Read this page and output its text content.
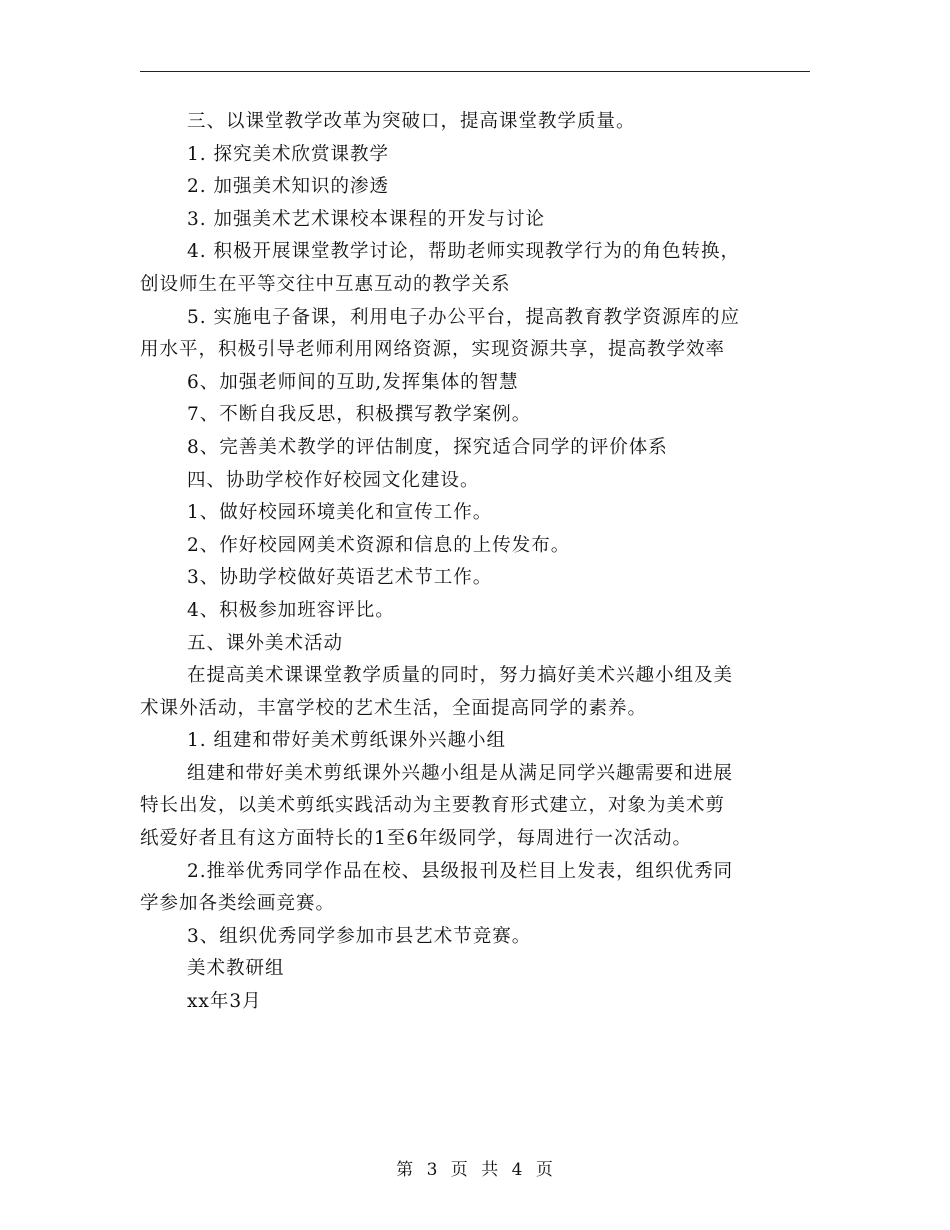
三、以课堂教学改革为突破口，提高课堂教学质量。
1. 探究美术欣赏课教学
2. 加强美术知识的渗透
3. 加强美术艺术课校本课程的开发与讨论
4. 积极开展课堂教学讨论，帮助老师实现教学行为的角色转换，
创设师生在平等交往中互惠互动的教学关系
5. 实施电子备课，利用电子办公平台，提高教育教学资源库的应
用水平，积极引导老师利用网络资源，实现资源共享，提高教学效率
6、加强老师间的互助,发挥集体的智慧
7、不断自我反思，积极撰写教学案例。
8、完善美术教学的评估制度，探究适合同学的评价体系
四、协助学校作好校园文化建设。
1、做好校园环境美化和宣传工作。
2、作好校园网美术资源和信息的上传发布。
3、协助学校做好英语艺术节工作。
4、积极参加班容评比。
五、课外美术活动
在提高美术课课堂教学质量的同时，努力搞好美术兴趣小组及美
术课外活动，丰富学校的艺术生活，全面提高同学的素养。
1. 组建和带好美术剪纸课外兴趣小组
组建和带好美术剪纸课外兴趣小组是从满足同学兴趣需要和进展
特长出发，以美术剪纸实践活动为主要教育形式建立，对象为美术剪
纸爱好者且有这方面特长的1至6年级同学，每周进行一次活动。
2.推举优秀同学作品在校、县级报刊及栏目上发表，组织优秀同
学参加各类绘画竞赛。
3、组织优秀同学参加市县艺术节竞赛。
美术教研组
xx年3月
第 3 页 共 4 页
